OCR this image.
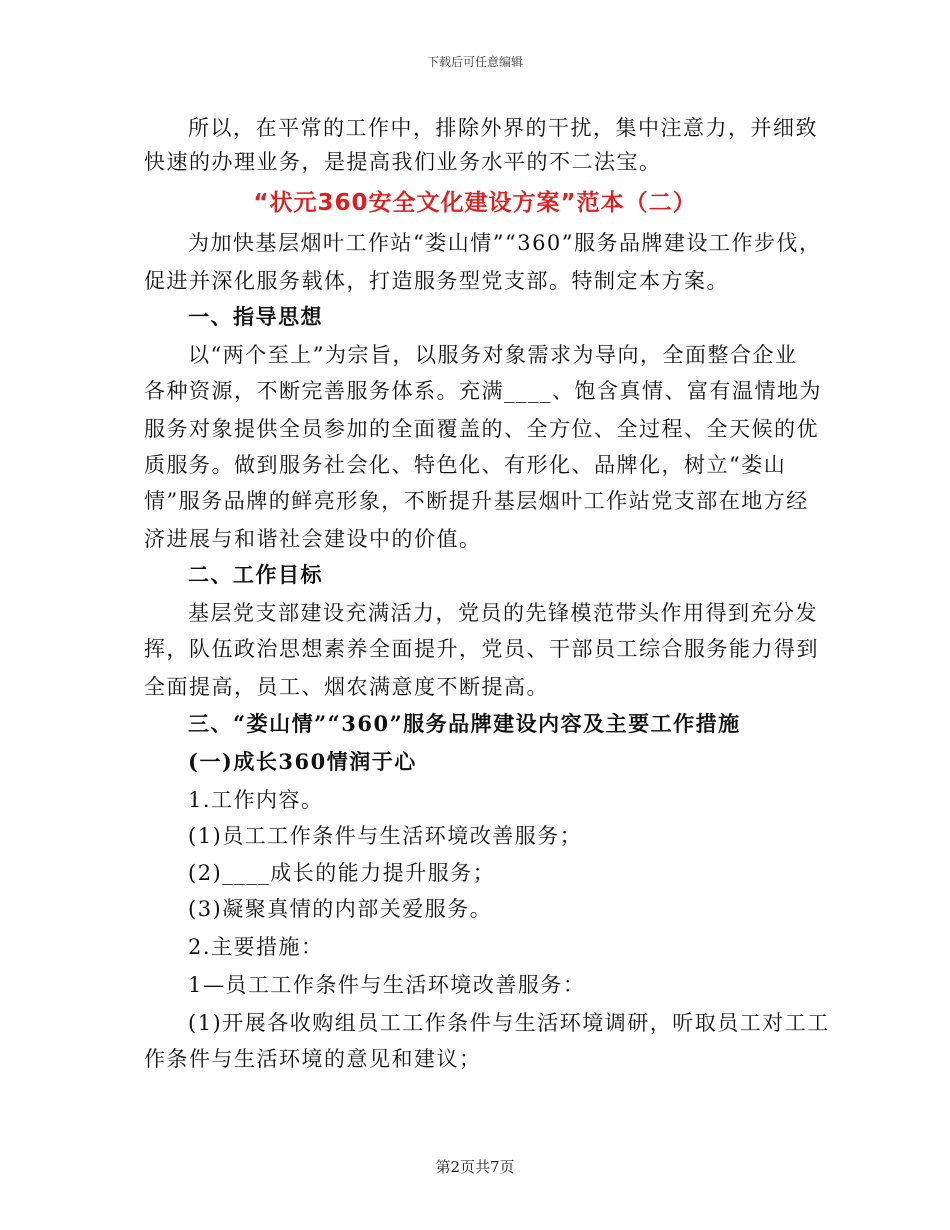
下载后可任意编辑
所以，在平常的工作中，排除外界的干扰，集中注意力，并细致
快速的办理业务，是提高我们业务水平的不二法宝。
“状元360安全文化建设方案”范本（二）
为加快基层烟叶工作站“娄山情”“360”服务品牌建设工作步伐，
促进并深化服务载体，打造服务型党支部。特制定本方案。
一、指导思想
以“两个至上”为宗旨，以服务对象需求为导向，全面整合企业
各种资源，不断完善服务体系。充满____、饱含真情、富有温情地为
服务对象提供全员参加的全面覆盖的、全方位、全过程、全天候的优
质服务。做到服务社会化、特色化、有形化、品牌化，树立“娄山
情”服务品牌的鲜亮形象，不断提升基层烟叶工作站党支部在地方经
济进展与和谐社会建设中的价值。
二、工作目标
基层党支部建设充满活力，党员的先锋模范带头作用得到充分发
挥，队伍政治思想素养全面提升，党员、干部员工综合服务能力得到
全面提高，员工、烟农满意度不断提高。
三、“娄山情”“360”服务品牌建设内容及主要工作措施
(一)成长360情润于心
1.工作内容。
(1)员工工作条件与生活环境改善服务；
(2)____成长的能力提升服务；
(3)凝聚真情的内部关爱服务。
2.主要措施：
1—员工工作条件与生活环境改善服务：
(1)开展各收购组员工工作条件与生活环境调研，听取员工对工工
作条件与生活环境的意见和建议；
第2页共7页
